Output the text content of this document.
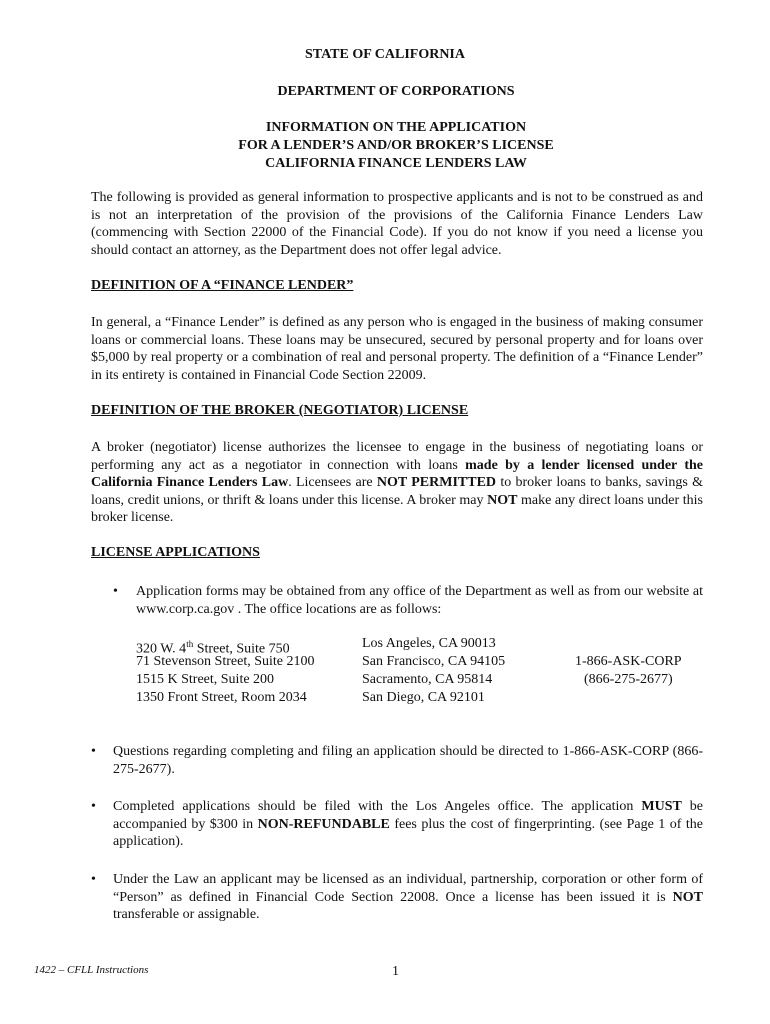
STATE OF CALIFORNIA
DEPARTMENT OF CORPORATIONS
INFORMATION ON THE APPLICATION
FOR A LENDER’S AND/OR BROKER’S LICENSE
CALIFORNIA FINANCE LENDERS LAW
The following is provided as general information to prospective applicants and is not to be construed as and is not an interpretation of the provision of the provisions of the California Finance Lenders Law (commencing with Section 22000 of the Financial Code). If you do not know if you need a license you should contact an attorney, as the Department does not offer legal advice.
DEFINITION OF A “FINANCE LENDER”
In general, a “Finance Lender” is defined as any person who is engaged in the business of making consumer loans or commercial loans. These loans may be unsecured, secured by personal property and for loans over $5,000 by real property or a combination of real and personal property. The definition of a “Finance Lender” in its entirety is contained in Financial Code Section 22009.
DEFINITION OF THE BROKER (NEGOTIATOR) LICENSE
A broker (negotiator) license authorizes the licensee to engage in the business of negotiating loans or performing any act as a negotiator in connection with loans made by a lender licensed under the California Finance Lenders Law. Licensees are NOT PERMITTED to broker loans to banks, savings & loans, credit unions, or thrift & loans under this license. A broker may NOT make any direct loans under this broker license.
LICENSE APPLICATIONS
• Application forms may be obtained from any office of the Department as well as from our website at www.corp.ca.gov . The office locations are as follows:
320 W. 4th Street, Suite 750	Los Angeles, CA 90013
71 Stevenson Street, Suite 2100	San Francisco, CA 94105	1-866-ASK-CORP
1515 K Street, Suite 200	Sacramento, CA 95814	(866-275-2677)
1350 Front Street, Room 2034	San Diego, CA 92101
• Questions regarding completing and filing an application should be directed to 1-866-ASK-CORP (866-275-2677).
• Completed applications should be filed with the Los Angeles office. The application MUST be accompanied by $300 in NON-REFUNDABLE fees plus the cost of fingerprinting. (see Page 1 of the application).
• Under the Law an applicant may be licensed as an individual, partnership, corporation or other form of “Person” as defined in Financial Code Section 22008. Once a license has been issued it is NOT transferable or assignable.
1422 – CFLL Instructions	1
